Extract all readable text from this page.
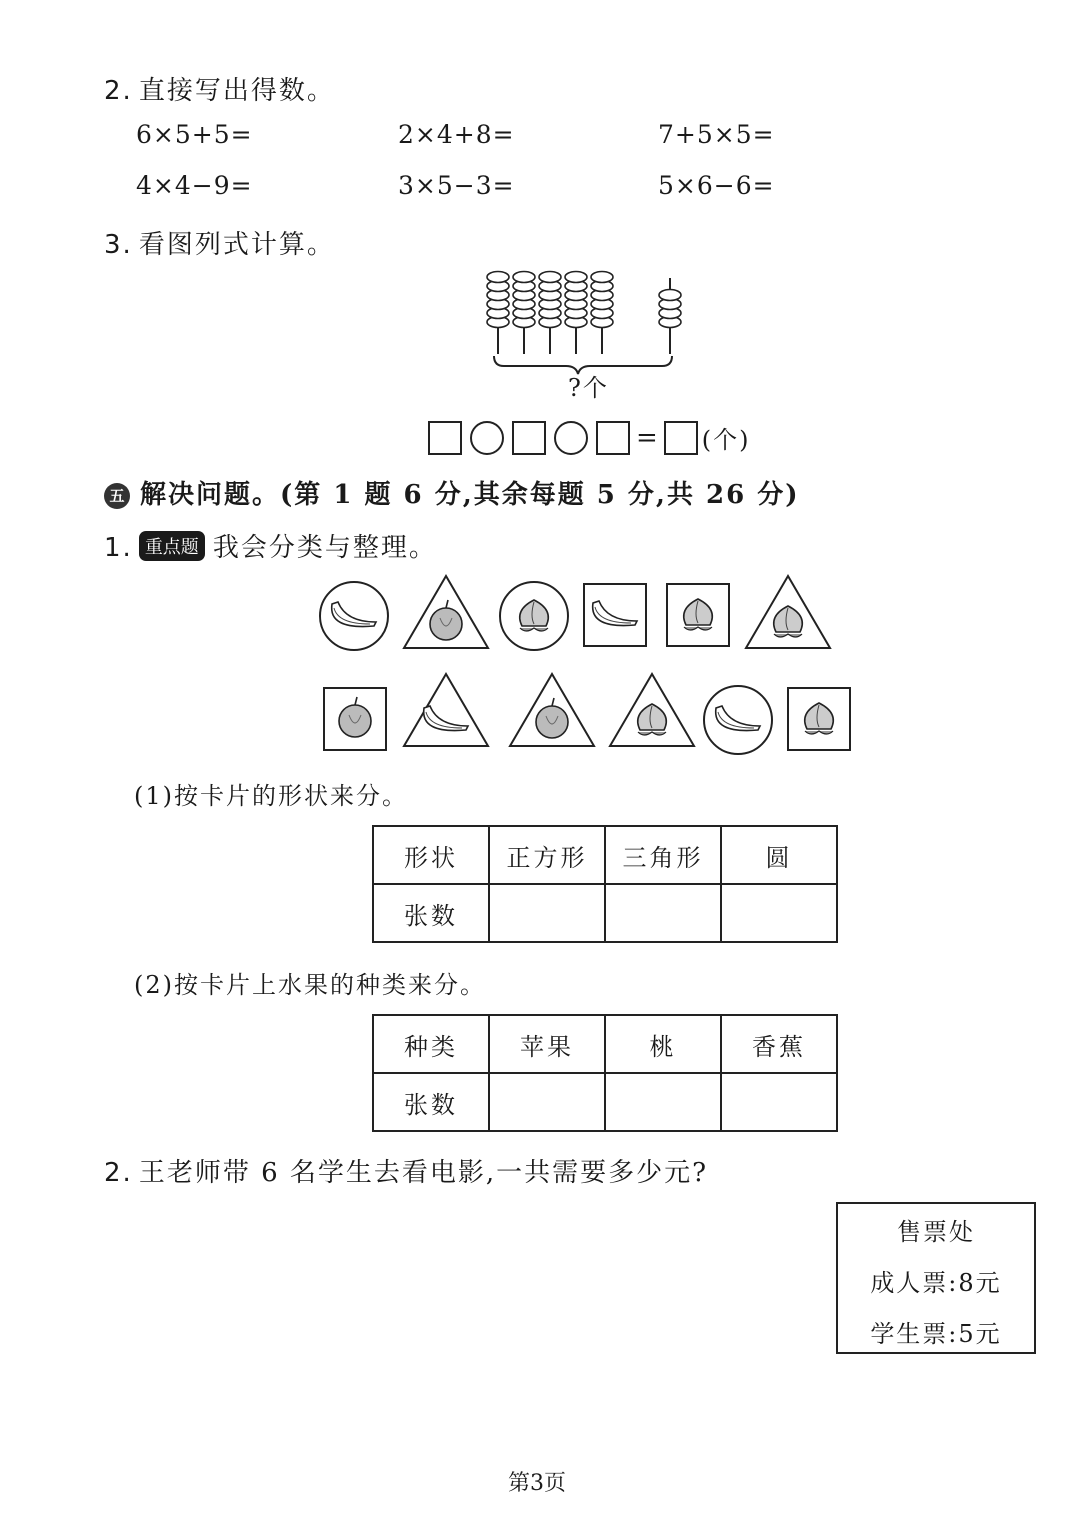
2. 直接写出得数。
6×5+5=	2×4+8=	7+5×5=
4×4−9=	3×5−3=	5×6−6=
3. 看图列式计算。
?个
= (个)
五 解决问题。(第 1 题 6 分,其余每题 5 分,共 26 分)
1. 重点题 我会分类与整理。
(1)按卡片的形状来分。
形状	正方形	三角形	圆
张数			
(2)按卡片上水果的种类来分。
种类	苹果	桃	香蕉
张数			
2. 王老师带 6 名学生去看电影,一共需要多少元?
售票处
成人票:8元
学生票:5元
第3页
